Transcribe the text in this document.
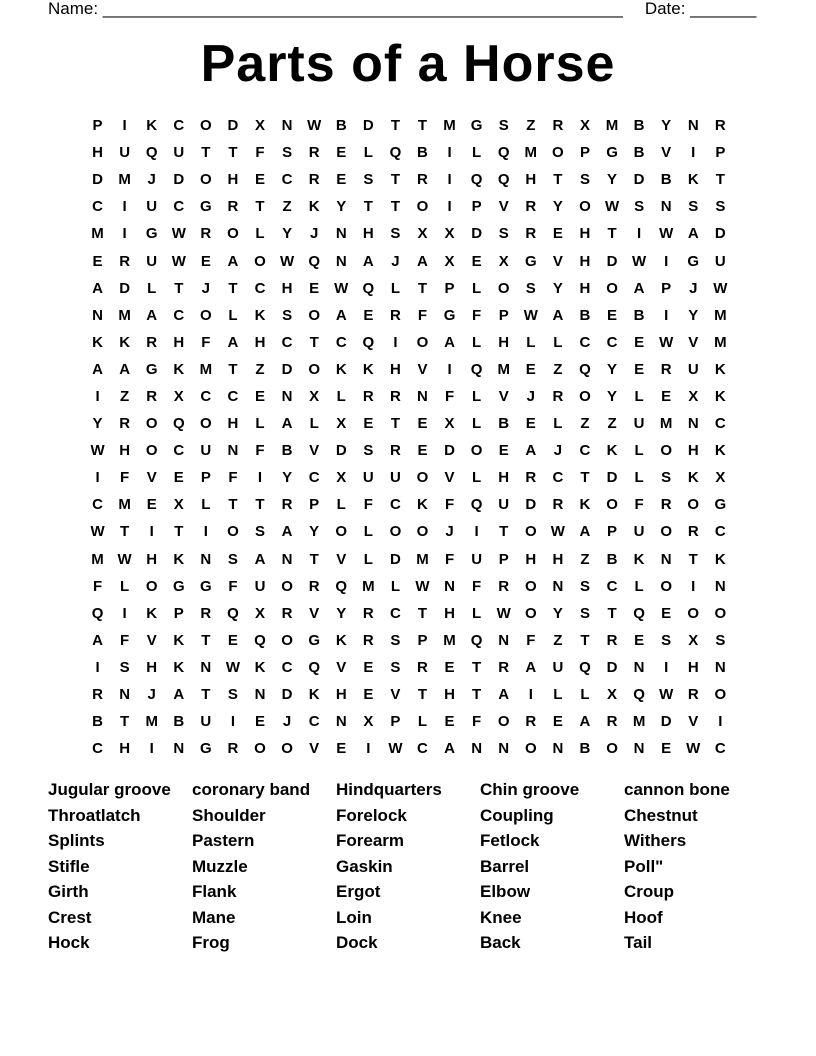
Name: _______________________________________________________ Date: _______
Parts of a Horse
P	I	K	C	O	D	X	N W B	D	T	T	M	G	S	Z	R	X	M	B	Y	N	R
H	U	Q	U	T	T	F	S	R	E	L	Q	B	I	L	Q M	O	P	G	B	V	I	P
D	M	J	D	O	H	E	C	R	E	S	T	R	I	Q	Q	H	T	S	Y	D	B	K	T
C	I	U	C	G	R	T	Z	K	Y	T	T	O	I	P	V	R	Y	O W S	N	S	S
M	I	G W R	O	L	Y	J	N	H	S	X	X	D	S	R	E	H	T	I	W A	D
E	R	U W E	A	O W Q	N	A	J	A	X	E	X	G	V	H	D W	I	G	U
A	D	L	T	J	T	C	H	E W Q	L	T	P	L	O	S	Y	H	O	A	P	J	W
N	M	A	C	O	L	K	S	O	A	E	R	F	G	F	P W A	B	E	B	I	Y	M
K	K	R	H	F	A	H	C	T	C	Q	I	O	A	L	H	L	L	C	C	E W V	M
A	A	G	K	M	T	Z	D	O	K	K	H	V	I	Q M	E	Z	Q	Y	E	R	U	K
I	Z	R	X	C	C	E	N	X	L	R	R	N	F	L	V	J	R	O	Y	L	E	X	K
Y	R	O	Q	O	H	L	A	L	X	E	T	E	X	L	B	E	L	Z	Z	U	M	N	C
W H	O	C	U	N	F	B	V	D	S	R	E	D	O	E	A	J	C	K	L	O	H	K
I	F	V	E	P	F	I	Y	C	X	U	U	O	V	L	H	R	C	T	D	L	S	K	X
C	M	E	X	L	T	T	R	P	L	F	C	K	F	Q	U	D	R	K	O	F	R	O	G
W	T	I	T	I	O	S	A	Y	O	L	O	O	J	I	T	O W A	P	U	O	R	C
M W H	K	N	S	A	N	T	V	L	D	M	F	U	P	H	H	Z	B	K	N	T	K
F	L	O	G	G	F	U	O	R	Q M	L	W N	F	R	O	N	S	C	L	O	I	N
Q	I	K	P	R	Q	X	R	V	Y	R	C	T	H	L	W O	Y	S	T	Q	E	O	O
A	F	V	K	T	E	Q	O	G	K	R	S	P	M	Q	N	F	Z	T	R	E	S	X	S
I	S	H	K	N W K	C	Q	V	E	S	R	E	T	R	A	U	Q	D	N	I	H	N
R	N	J	A	T	S	N	D	K	H	E	V	T	H	T	A	I	L	L	X	Q W R	O
B	T	M	B	U	I	E	J	C	N	X	P	L	E	F	O	R	E	A	R	M	D	V	I
C	H	I	N	G	R	O	O	V	E	I	W C	A	N	N	O	N	B	O	N	E W C
Jugular groove
Throatlatch
Splints
Stifle
Girth
Crest
Hock
coronary band
Shoulder
Pastern
Muzzle
Flank
Mane
Frog
Hindquarters
Forelock
Forearm
Gaskin
Ergot
Loin
Dock
Chin groove
Coupling
Fetlock
Barrel
Elbow
Knee
Back
cannon bone
Chestnut
Withers
Poll"
Croup
Hoof
Tail
